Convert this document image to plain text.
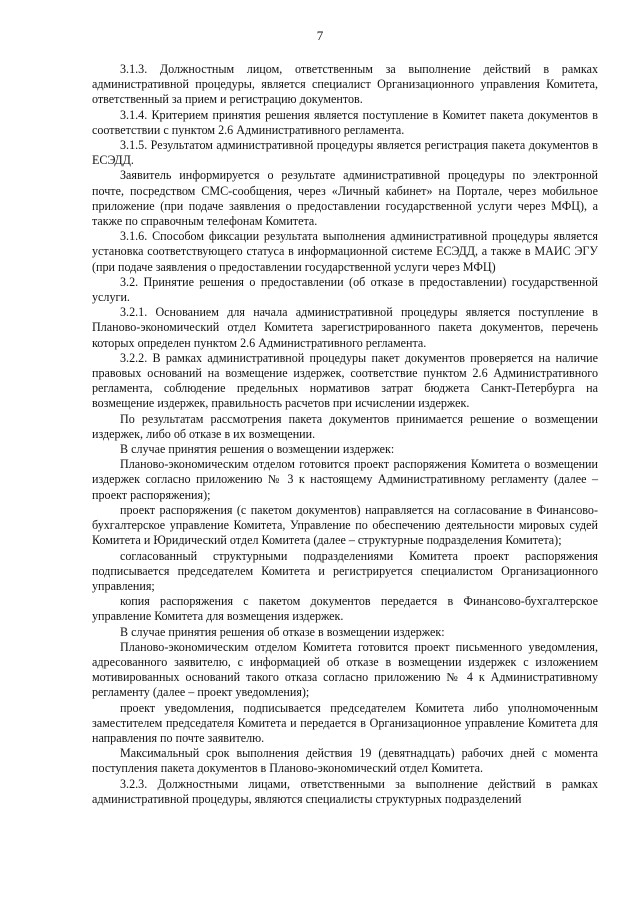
7

3.1.3. Должностным лицом, ответственным за выполнение действий в рамках административной процедуры, является специалист Организационного управления Комитета, ответственный за прием и регистрацию документов.

3.1.4. Критерием принятия решения является поступление в Комитет пакета документов в соответствии с пунктом 2.6 Административного регламента.

3.1.5. Результатом административной процедуры является регистрация пакета документов в ЕСЭДД.

Заявитель информируется о результате административной процедуры по электронной почте, посредством СМС-сообщения, через «Личный кабинет» на Портале, через мобильное приложение (при подаче заявления о предоставлении государственной услуги через МФЦ), а также по справочным телефонам Комитета.

3.1.6. Способом фиксации результата выполнения административной процедуры является установка соответствующего статуса в информационной системе ЕСЭДД, а также в МАИС ЭГУ (при подаче заявления о предоставлении государственной услуги через МФЦ)

3.2. Принятие решения о предоставлении (об отказе в предоставлении) государственной услуги.

3.2.1. Основанием для начала административной процедуры является поступление в Планово-экономический отдел Комитета зарегистрированного пакета документов, перечень которых определен пунктом 2.6 Административного регламента.

3.2.2. В рамках административной процедуры пакет документов проверяется на наличие правовых оснований на возмещение издержек, соответствие пунктом 2.6 Административного регламента, соблюдение предельных нормативов затрат бюджета Санкт-Петербурга на возмещение издержек, правильность расчетов при исчислении издержек.

По результатам рассмотрения пакета документов принимается решение о возмещении издержек, либо об отказе в их возмещении.

В случае принятия решения о возмещении издержек:

Планово-экономическим отделом готовится проект распоряжения Комитета о возмещении издержек согласно приложению № 3 к настоящему Административному регламенту (далее – проект распоряжения);

проект распоряжения (с пакетом документов) направляется на согласование в Финансово-бухгалтерское управление Комитета, Управление по обеспечению деятельности мировых судей Комитета и Юридический отдел Комитета (далее – структурные подразделения Комитета);

согласованный структурными подразделениями Комитета проект распоряжения подписывается председателем Комитета и регистрируется специалистом Организационного управления;

копия распоряжения с пакетом документов передается в Финансово-бухгалтерское управление Комитета для возмещения издержек.

В случае принятия решения об отказе в возмещении издержек:

Планово-экономическим отделом Комитета готовится проект письменного уведомления, адресованного заявителю, с информацией об отказе в возмещении издержек с изложением мотивированных оснований такого отказа согласно приложению № 4 к Административному регламенту (далее – проект уведомления);

проект уведомления, подписывается председателем Комитета либо уполномоченным заместителем председателя Комитета и передается в Организационное управление Комитета для направления по почте заявителю.

Максимальный срок выполнения действия 19 (девятнадцать) рабочих дней с момента поступления пакета документов в Планово-экономический отдел Комитета.

3.2.3. Должностными лицами, ответственными за выполнение действий в рамках административной процедуры, являются специалисты структурных подразделений
